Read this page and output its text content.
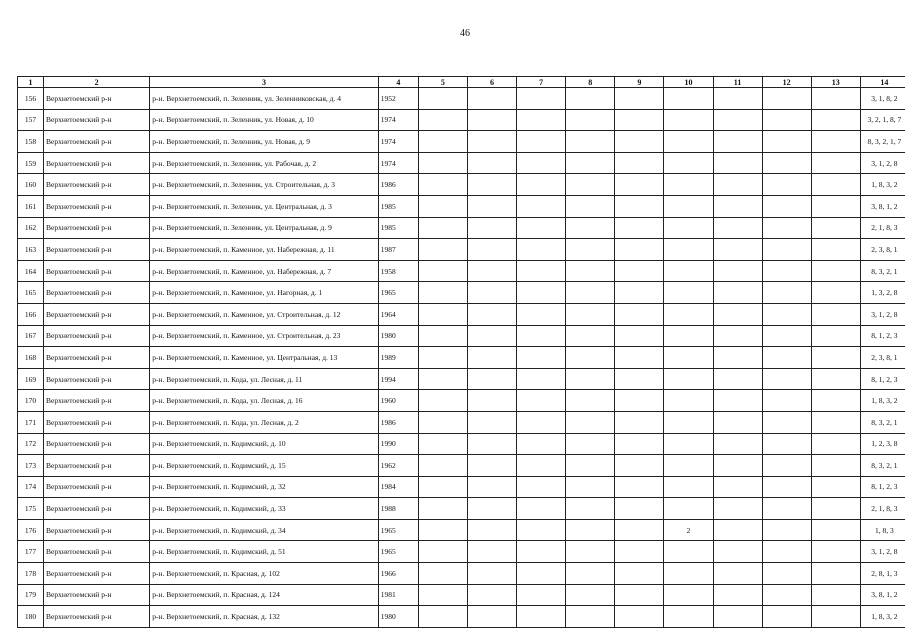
46
1	2	3	4	5	6	7	8	9	10	11	12	13	14
156	Верхнетоемский р-н	р-н. Верхнетоемский, п. Зеленник, ул. Зеленниковская, д. 4	1952										3, 1, 8, 2
157	Верхнетоемский р-н	р-н. Верхнетоемский, п. Зеленник, ул. Новая, д. 10	1974										3, 2, 1, 8, 7
158	Верхнетоемский р-н	р-н. Верхнетоемский, п. Зеленник, ул. Новая, д. 9	1974										8, 3, 2, 1, 7
159	Верхнетоемский р-н	р-н. Верхнетоемский, п. Зеленник, ул. Рабочая, д. 2	1974										3, 1, 2, 8
160	Верхнетоемский р-н	р-н. Верхнетоемский, п. Зеленник, ул. Строительная, д. 3	1986										1, 8, 3, 2
161	Верхнетоемский р-н	р-н. Верхнетоемский, п. Зеленник, ул. Центральная, д. 3	1985										3, 8, 1, 2
162	Верхнетоемский р-н	р-н. Верхнетоемский, п. Зеленник, ул. Центральная, д. 9	1985										2, 1, 8, 3
163	Верхнетоемский р-н	р-н. Верхнетоемский, п. Каменное, ул. Набережная, д. 11	1987										2, 3, 8, 1
164	Верхнетоемский р-н	р-н. Верхнетоемский, п. Каменное, ул. Набережная, д. 7	1958										8, 3, 2, 1
165	Верхнетоемский р-н	р-н. Верхнетоемский, п. Каменное, ул. Нагорная, д. 1	1965										1, 3, 2, 8
166	Верхнетоемский р-н	р-н. Верхнетоемский, п. Каменное, ул. Строительная, д. 12	1964										3, 1, 2, 8
167	Верхнетоемский р-н	р-н. Верхнетоемский, п. Каменное, ул. Строительная, д. 23	1980										8, 1, 2, 3
168	Верхнетоемский р-н	р-н. Верхнетоемский, п. Каменное, ул. Центральная, д. 13	1989										2, 3, 8, 1
169	Верхнетоемский р-н	р-н. Верхнетоемский, п. Кода, ул. Лесная, д. 11	1994										8, 1, 2, 3
170	Верхнетоемский р-н	р-н. Верхнетоемский, п. Кода, ул. Лесная, д. 16	1960										1, 8, 3, 2
171	Верхнетоемский р-н	р-н. Верхнетоемский, п. Кода, ул. Лесная, д. 2	1986										8, 3, 2, 1
172	Верхнетоемский р-н	р-н. Верхнетоемский, п. Кодимский, д. 10	1990										1, 2, 3, 8
173	Верхнетоемский р-н	р-н. Верхнетоемский, п. Кодимский, д. 15	1962										8, 3, 2, 1
174	Верхнетоемский р-н	р-н. Верхнетоемский, п. Кодимский, д. 32	1984										8, 1, 2, 3
175	Верхнетоемский р-н	р-н. Верхнетоемский, п. Кодимский, д. 33	1988										2, 1, 8, 3
176	Верхнетоемский р-н	р-н. Верхнетоемский, п. Кодимский, д. 34	1965						2				1, 8, 3
177	Верхнетоемский р-н	р-н. Верхнетоемский, п. Кодимский, д. 51	1965										3, 1, 2, 8
178	Верхнетоемский р-н	р-н. Верхнетоемский, п. Красная, д. 102	1966										2, 8, 1, 3
179	Верхнетоемский р-н	р-н. Верхнетоемский, п. Красная, д. 124	1981										3, 8, 1, 2
180	Верхнетоемский р-н	р-н. Верхнетоемский, п. Красная, д. 132	1980										1, 8, 3, 2
